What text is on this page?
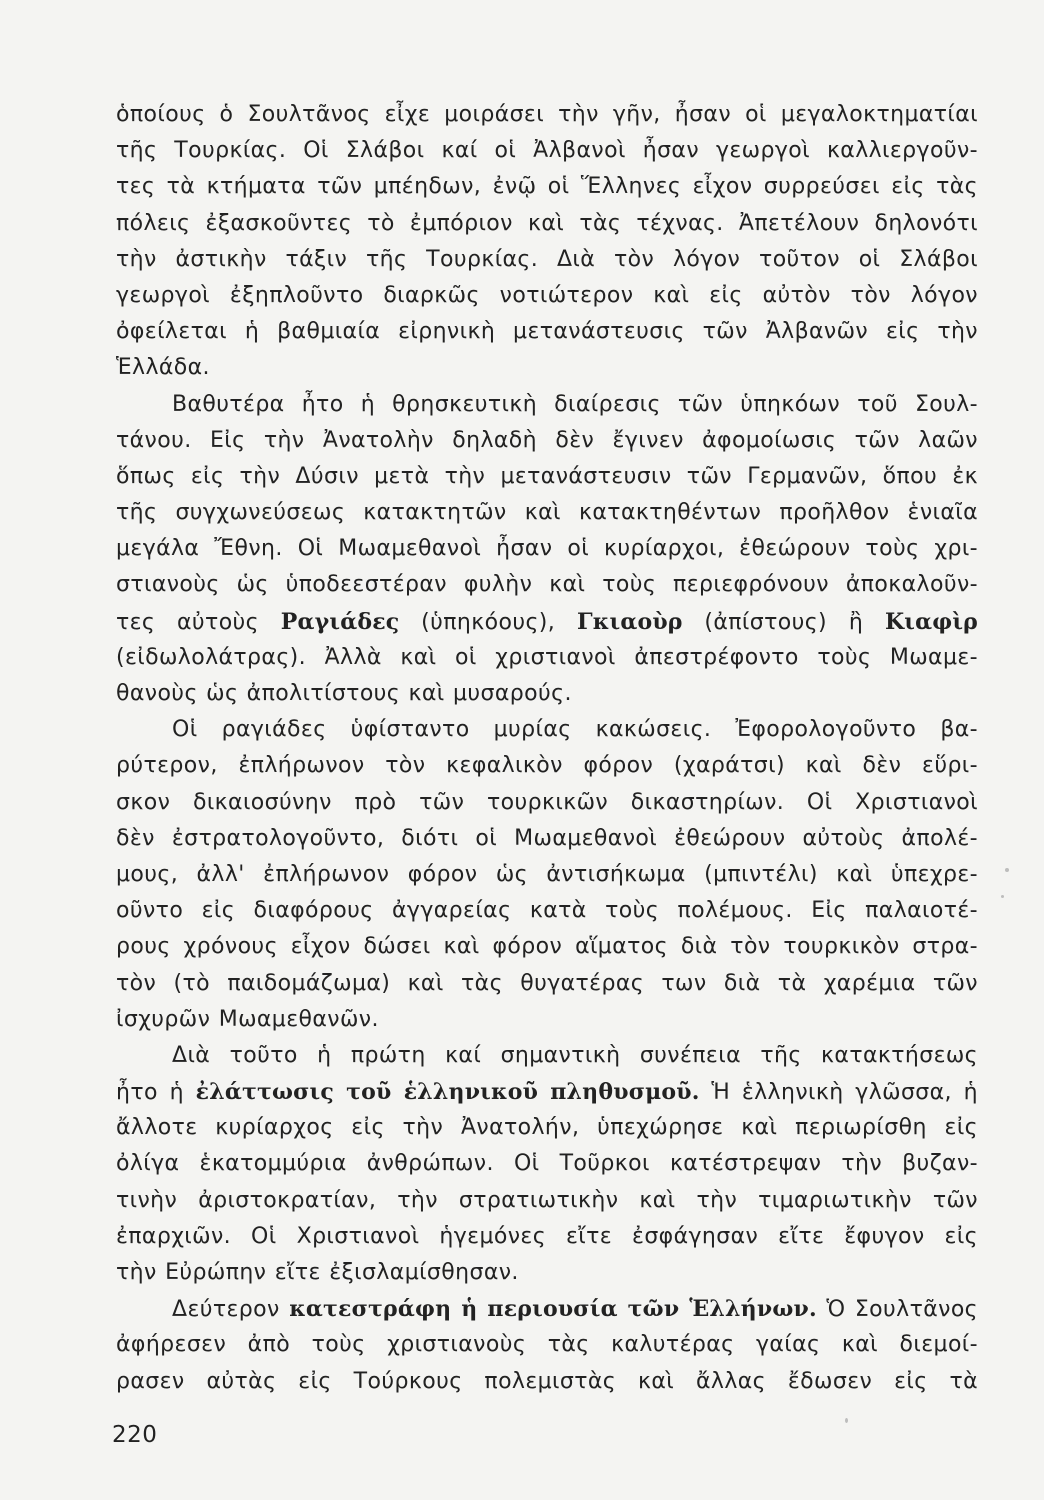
ὁποίους ὁ Σουλτᾶνος εἶχε μοιράσει τὴν γῆν, ἦσαν οἱ μεγαλοκτηματίαι
τῆς Τουρκίας. Οἱ Σλάβοι καί οἱ Ἀλβανοὶ ἦσαν γεωργοὶ καλλιεργοῦν-
τες τὰ κτήματα τῶν μπέηδων, ἐνῷ οἱ Ἕλληνες εἶχον συρρεύσει εἰς τὰς
πόλεις ἐξασκοῦντες τὸ ἐμπόριον καὶ τὰς τέχνας. Ἀπετέλουν δηλονότι
τὴν ἀστικὴν τάξιν τῆς Τουρκίας. Διὰ τὸν λόγον τοῦτον οἱ Σλάβοι
γεωργοὶ ἐξηπλοῦντο διαρκῶς νοτιώτερον καὶ εἰς αὐτὸν τὸν λόγον
ὀφείλεται ἡ βαθμιαία εἰρηνικὴ μετανάστευσις τῶν Ἀλβανῶν εἰς τὴν
Ἑλλάδα.
Βαθυτέρα ἦτο ἡ θρησκευτικὴ διαίρεσις τῶν ὑπηκόων τοῦ Σουλ-
τάνου. Εἰς τὴν Ἀνατολὴν δηλαδὴ δὲν ἔγινεν ἀφομοίωσις τῶν λαῶν
ὅπως εἰς τὴν Δύσιν μετὰ τὴν μετανάστευσιν τῶν Γερμανῶν, ὅπου ἐκ
τῆς συγχωνεύσεως κατακτητῶν καὶ κατακτηθέντων προῆλθον ἑνιαῖα
μεγάλα Ἔθνη. Οἱ Μωαμεθανοὶ ἦσαν οἱ κυρίαρχοι, ἐθεώρουν τοὺς χρι-
στιανοὺς ὡς ὑποδεεστέραν φυλὴν καὶ τοὺς περιεφρόνουν ἀποκαλοῦν-
τες αὐτοὺς Ραγιάδες (ὑπηκόους), Γκιαοὺρ (ἀπίστους) ἢ Κιαφὶρ
(εἰδωλολάτρας). Ἀλλὰ καὶ οἱ χριστιανοὶ ἀπεστρέφοντο τοὺς Μωαμε-
θανοὺς ὡς ἀπολιτίστους καὶ μυσαρούς.
Οἱ ραγιάδες ὑφίσταντο μυρίας κακώσεις. Ἐφορολογοῦντο βα-
ρύτερον, ἐπλήρωνον τὸν κεφαλικὸν φόρον (χαράτσι) καὶ δὲν εὕρι-
σκον δικαιοσύνην πρὸ τῶν τουρκικῶν δικαστηρίων. Οἱ Χριστιανοὶ
δὲν ἐστρατολογοῦντο, διότι οἱ Μωαμεθανοὶ ἐθεώρουν αὐτοὺς ἀπολέ-
μους, ἀλλ' ἐπλήρωνον φόρον ὡς ἀντισήκωμα (μπιντέλι) καὶ ὑπεχρε-
οῦντο εἰς διαφόρους ἀγγαρείας κατὰ τοὺς πολέμους. Εἰς παλαιοτέ-
ρους χρόνους εἶχον δώσει καὶ φόρον αἵματος διὰ τὸν τουρκικὸν στρα-
τὸν (τὸ παιδομάζωμα) καὶ τὰς θυγατέρας των διὰ τὰ χαρέμια τῶν
ἰσχυρῶν Μωαμεθανῶν.
Διὰ τοῦτο ἡ πρώτη καί σημαντικὴ συνέπεια τῆς κατακτήσεως
ἦτο ἡ ἐλάττωσις τοῦ ἑλληνικοῦ πληθυσμοῦ. Ἡ ἑλληνικὴ γλῶσσα, ἡ
ἄλλοτε κυρίαρχος εἰς τὴν Ἀνατολήν, ὑπεχώρησε καὶ περιωρίσθη εἰς
ὀλίγα ἑκατομμύρια ἀνθρώπων. Οἱ Τοῦρκοι κατέστρεψαν τὴν βυζαν-
τινὴν ἀριστοκρατίαν, τὴν στρατιωτικὴν καὶ τὴν τιμαριωτικὴν τῶν
ἐπαρχιῶν. Οἱ Χριστιανοὶ ἡγεμόνες εἴτε ἐσφάγησαν εἴτε ἔφυγον εἰς
τὴν Εὐρώπην εἴτε ἐξισλαμίσθησαν.
Δεύτερον κατεστράφη ἡ περιουσία τῶν Ἑλλήνων. Ὁ Σουλτᾶνος
ἀφήρεσεν ἀπὸ τοὺς χριστιανοὺς τὰς καλυτέρας γαίας καὶ διεμοί-
ρασεν αὐτὰς εἰς Τούρκους πολεμιστὰς καὶ ἄλλας ἔδωσεν εἰς τὰ
220
